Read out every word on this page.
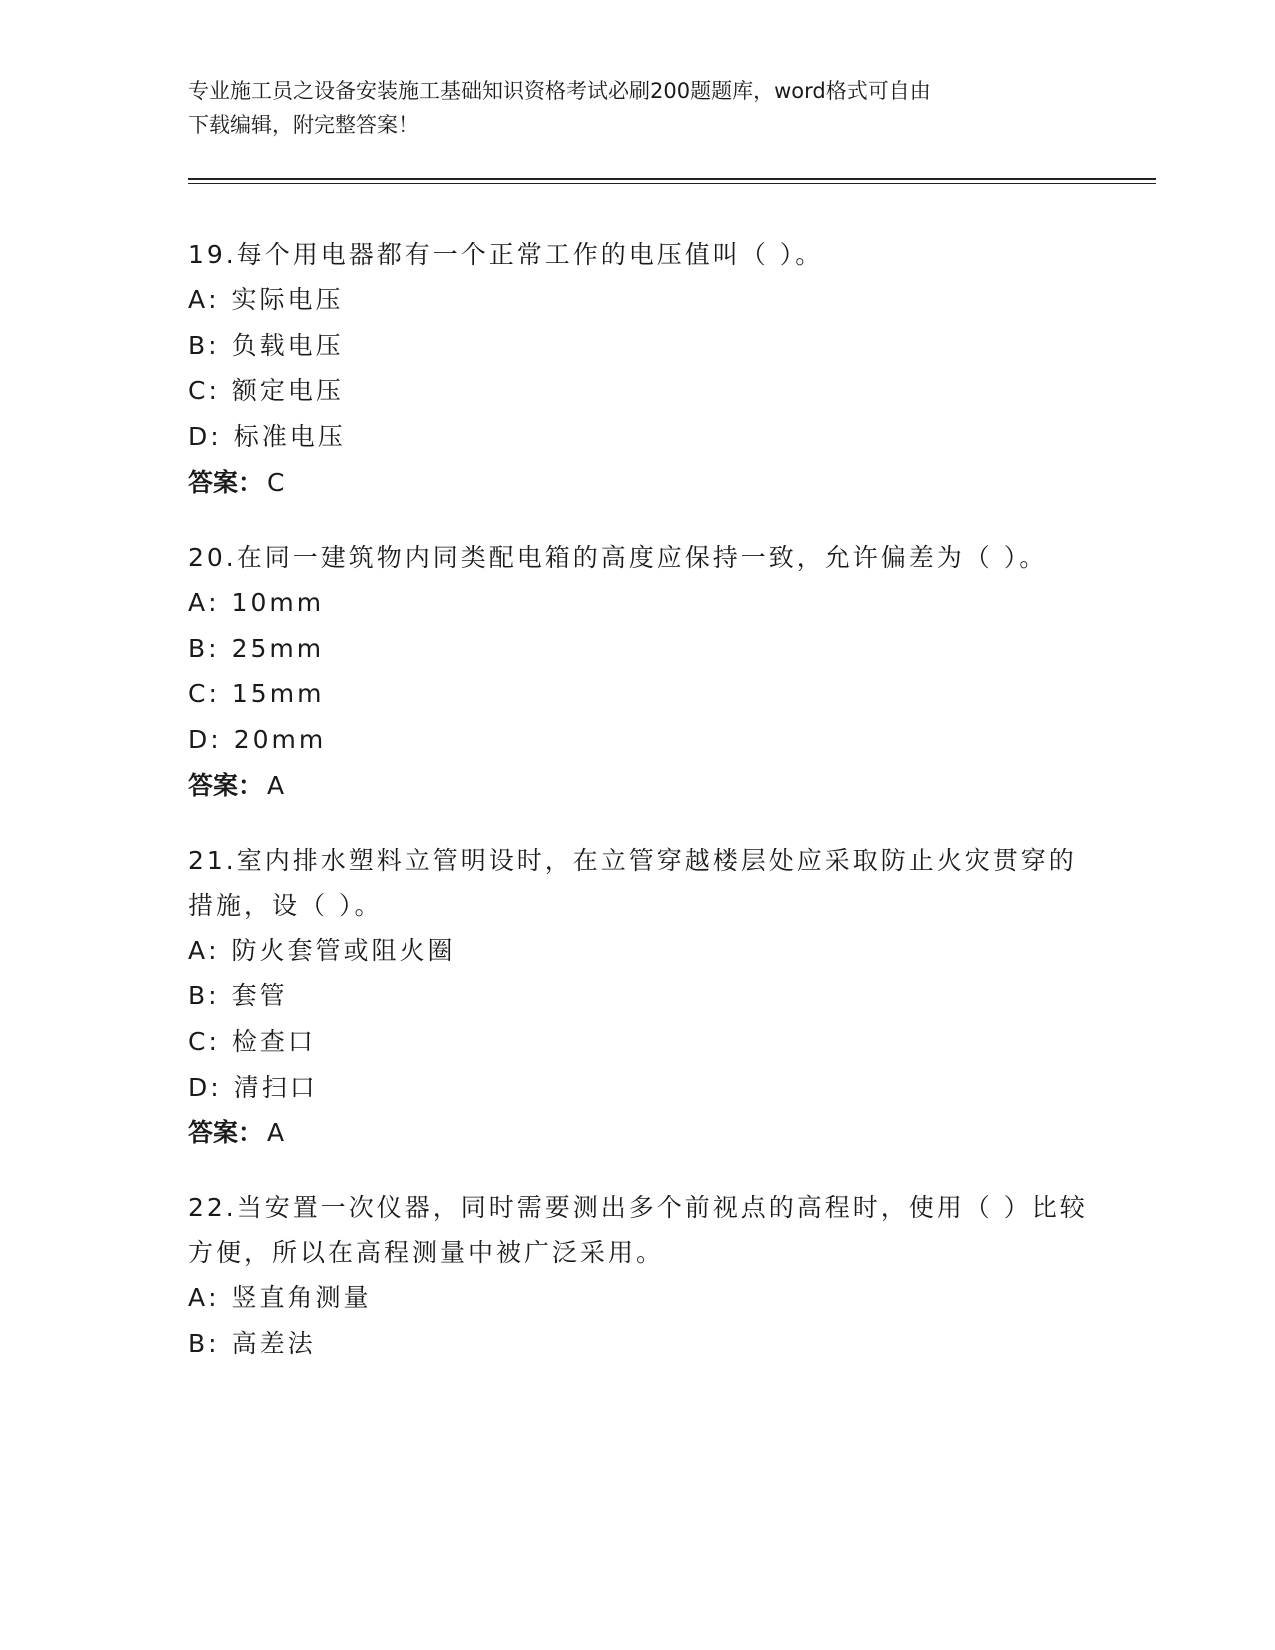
专业施工员之设备安装施工基础知识资格考试必刷200题题库，word格式可自由
下载编辑，附完整答案！
19.每个用电器都有一个正常工作的电压值叫（ ）。
A: 实际电压
B: 负载电压
C: 额定电压
D: 标准电压
答案： C
20.在同一建筑物内同类配电箱的高度应保持一致，允许偏差为（ ）。
A: 10mm
B: 25mm
C: 15mm
D: 20mm
答案： A
21.室内排水塑料立管明设时，在立管穿越楼层处应采取防止火灾贯穿的措施，设（ ）。
A: 防火套管或阻火圈
B: 套管
C: 检查口
D: 清扫口
答案： A
22.当安置一次仪器，同时需要测出多个前视点的高程时，使用（ ）比较方便，所以在高程测量中被广泛采用。
A: 竖直角测量
B: 高差法
